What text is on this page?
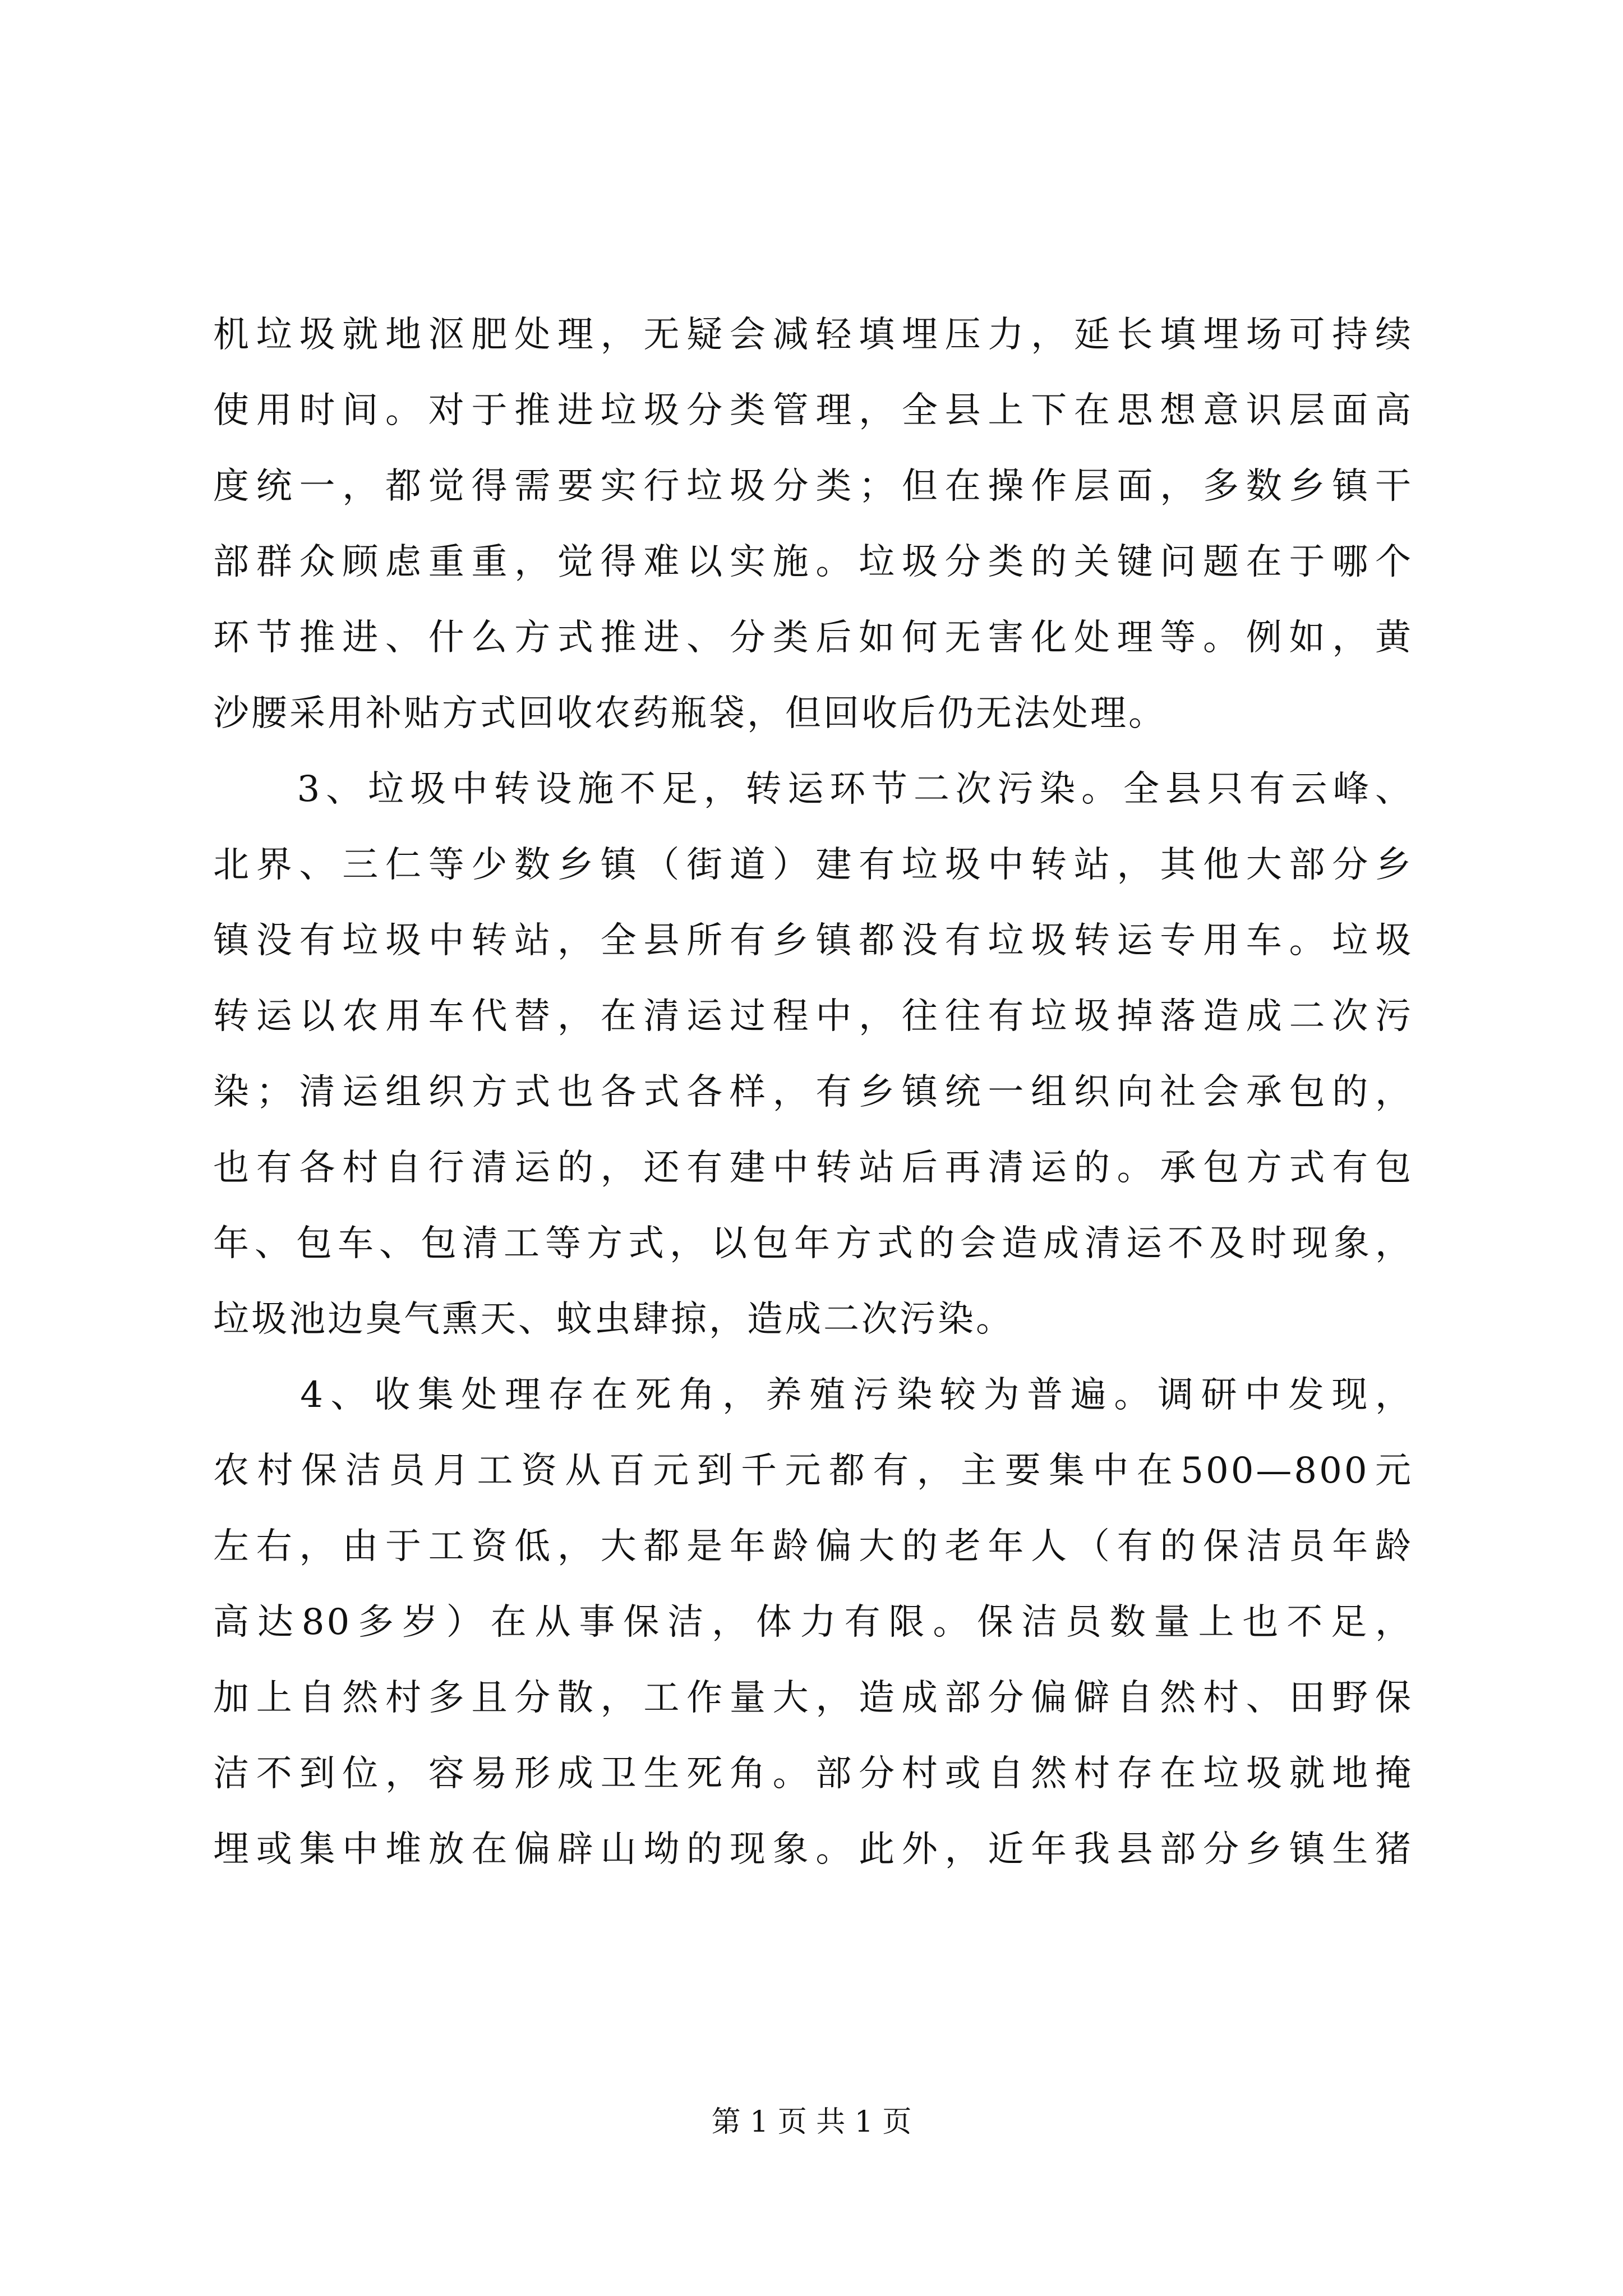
机垃圾就地沤肥处理，无疑会减轻填埋压力，延长填埋场可持续
使用时间。对于推进垃圾分类管理，全县上下在思想意识层面高
度统一，都觉得需要实行垃圾分类；但在操作层面，多数乡镇干
部群众顾虑重重，觉得难以实施。垃圾分类的关键问题在于哪个
环节推进、什么方式推进、分类后如何无害化处理等。例如，黄
沙腰采用补贴方式回收农药瓶袋，但回收后仍无法处理。
　　3、垃圾中转设施不足，转运环节二次污染。全县只有云峰、
北界、三仁等少数乡镇（街道）建有垃圾中转站，其他大部分乡
镇没有垃圾中转站，全县所有乡镇都没有垃圾转运专用车。垃圾
转运以农用车代替，在清运过程中，往往有垃圾掉落造成二次污
染；清运组织方式也各式各样，有乡镇统一组织向社会承包的，
也有各村自行清运的，还有建中转站后再清运的。承包方式有包
年、包车、包清工等方式，以包年方式的会造成清运不及时现象，
垃圾池边臭气熏天、蚊虫肆掠，造成二次污染。
　　4、收集处理存在死角，养殖污染较为普遍。调研中发现，
农村保洁员月工资从百元到千元都有，主要集中在500—800元
左右，由于工资低，大都是年龄偏大的老年人（有的保洁员年龄
高达80多岁）在从事保洁，体力有限。保洁员数量上也不足，
加上自然村多且分散，工作量大，造成部分偏僻自然村、田野保
洁不到位，容易形成卫生死角。部分村或自然村存在垃圾就地掩
埋或集中堆放在偏辟山坳的现象。此外，近年我县部分乡镇生猪
第 1 页 共 1 页
